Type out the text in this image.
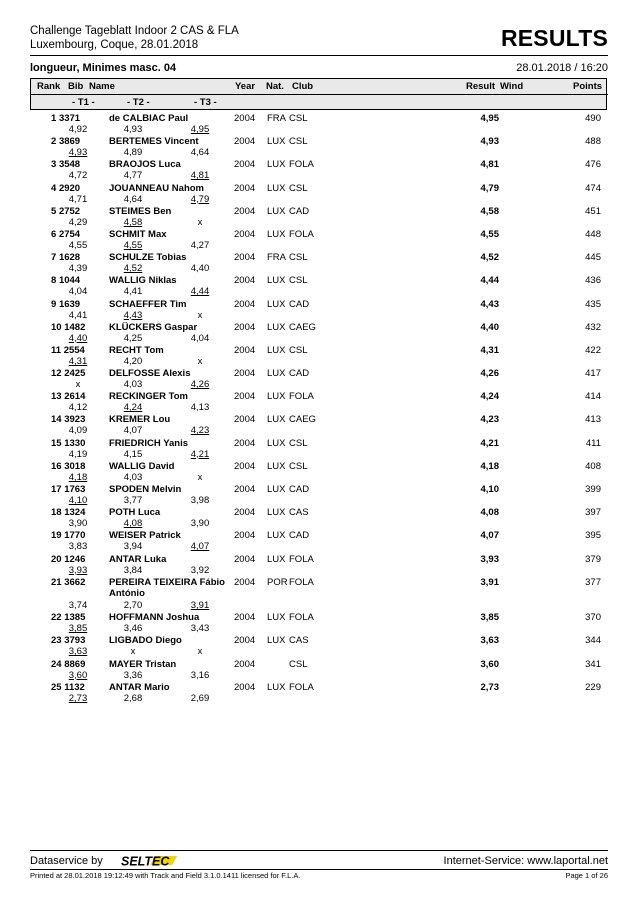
Challenge Tageblatt Indoor 2 CAS & FLA
Luxembourg, Coque, 28.01.2018	RESULTS
longueur, Minimes masc. 04	28.01.2018 / 16:20
Rank Bib Name	Year Nat. Club	Result Wind	Points
- T1 -	- T2 -	- T3 -
1 3371	de CALBIAC Paul	2004 FRA CSL	4,95	490
4,92	4,93	4,95
2 3869	BERTEMES Vincent	2004 LUX CSL	4,93	488
4,93	4,89	4,64
3 3548	BRAOJOS Luca	2004 LUX FOLA	4,81	476
4,72	4,77	4,81
4 2920	JOUANNEAU Nahom	2004 LUX CSL	4,79	474
4,71	4,64	4,79
5 2752	STEIMES Ben	2004 LUX CAD	4,58	451
4,29	4,58	x
6 2754	SCHMIT Max	2004 LUX FOLA	4,55	448
4,55	4,55	4,27
7 1628	SCHULZE Tobias	2004 FRA CSL	4,52	445
4,39	4,52	4,40
8 1044	WALLIG Niklas	2004 LUX CSL	4,44	436
4,04	4,41	4,44
9 1639	SCHAEFFER Tim	2004 LUX CAD	4,43	435
4,41	4,43	x
10 1482 KLÜCKERS Gaspar	2004 LUX CAEG	4,40	432
4,40	4,25	4,04
11 2554	RECHT Tom	2004 LUX CSL	4,31	422
4,31	4,20	x
12 2425 DELFOSSE Alexis	2004 LUX CAD	4,26	417
x	4,03	4,26
13 2614 RECKINGER Tom	2004 LUX FOLA	4,24	414
4,12	4,24	4,13
14 3923 KREMER Lou	2004 LUX CAEG	4,23	413
4,09	4,07	4,23
15 1330 FRIEDRICH Yanis	2004 LUX CSL	4,21	411
4,19	4,15	4,21
16 3018 WALLIG David	2004 LUX CSL	4,18	408
4,18	4,03	x
17 1763 SPODEN Melvin	2004 LUX CAD	4,10	399
4,10	3,77	3,98
18 1324 POTH Luca	2004 LUX CAS	4,08	397
3,90	4,08	3,90
19 1770 WEISER Patrick	2004 LUX CAD	4,07	395
3,83	3,94	4,07
20 1246 ANTAR Luka	2004 LUX FOLA	3,93	379
3,93	3,84	3,92
21 3662 PEREIRA TEIXEIRA Fábio 2004 POR FOLA	3,91	377
António
3,74	2,70	3,91
22 1385 HOFFMANN Joshua	2004 LUX FOLA	3,85	370
3,85	3,46	3,43
23 3793 LIGBADO Diego	2004 LUX CAS	3,63	344
3,63	x	x
24 8869 MAYER Tristan	2004	CSL	3,60	341
3,60	3,36	3,16
25 1132	ANTAR Mario	2004 LUX FOLA	2,73	229
2,73	2,68	2,69
Dataservice by SELTEC	Internet-Service: www.laportal.net
Printed at 28.01.2018 19:12:49 with Track and Field 3.1.0.1411 licensed for F.L.A.	Page 1 of 26
